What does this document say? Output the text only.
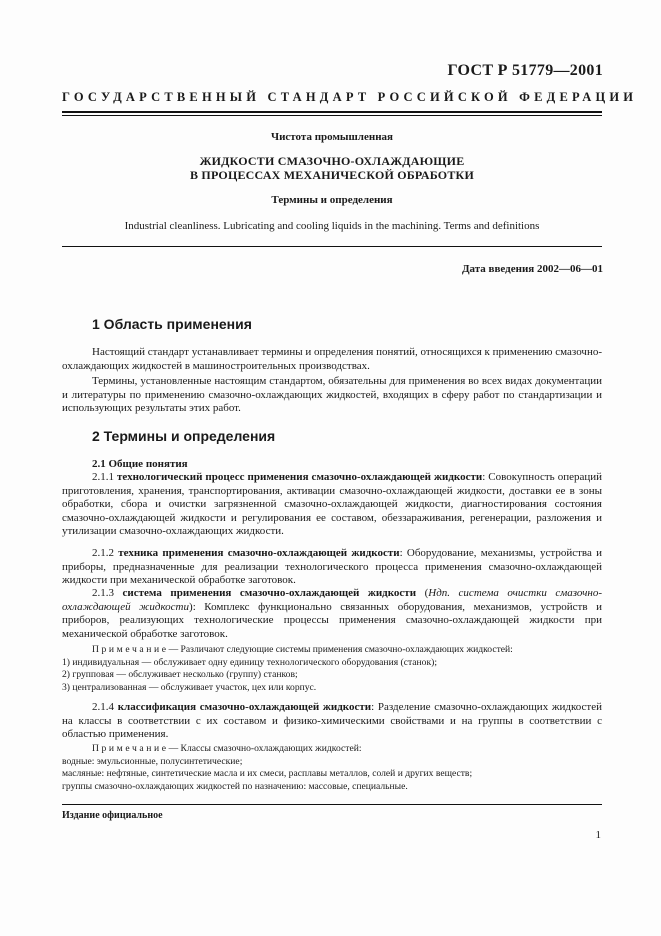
ГОСТ Р 51779—2001
ГОСУДАРСТВЕННЫЙ СТАНДАРТ РОССИЙСКОЙ ФЕДЕРАЦИИ
Чистота промышленная
ЖИДКОСТИ СМАЗОЧНО-ОХЛАЖДАЮЩИЕ
В ПРОЦЕССАХ МЕХАНИЧЕСКОЙ ОБРАБОТКИ
Термины и определения
Industrial cleanliness. Lubricating and cooling liquids in the machining. Terms and definitions
Дата введения 2002—06—01
1 Область применения

Настоящий стандарт устанавливает термины и определения понятий, относящихся к применению смазочно-охлаждающих жидкостей в машиностроительных производствах.

Термины, установленные настоящим стандартом, обязательны для применения во всех видах документации и литературы по применению смазочно-охлаждающих жидкостей, входящих в сферу работ по стандартизации и использующих результаты этих работ.

2 Термины и определения

2.1 Общие понятия

2.1.1 технологический процесс применения смазочно-охлаждающей жидкости: Совокупность операций приготовления, хранения, транспортирования, активации смазочно-охлаждающей жидкости, доставки ее в зоны обработки, сбора и очистки загрязненной смазочно-охлаждающей жидкости, диагностирования состояния смазочно-охлаждающей жидкости и регулирования ее составом, обеззараживания, регенерации, разложения и утилизации смазочно-охлаждающих жидкости.

2.1.2 техника применения смазочно-охлаждающей жидкости: Оборудование, механизмы, устройства и приборы, предназначенные для реализации технологического процесса применения смазочно-охлаждающей жидкости при механической обработке заготовок.

2.1.3 система применения смазочно-охлаждающей жидкости (Ндп. система очистки смазочно-охлаждающей жидкости): Комплекс функционально связанных оборудования, механизмов, устройств и приборов, реализующих технологические процессы применения смазочно-охлаждающей жидкости при механической обработке заготовок.

Примечание— Различают следующие системы применения смазочно-охлаждающих жидкостей:
1) индивидуальная — обслуживает одну единицу технологического оборудования (станок);
2) групповая — обслуживает несколько (группу) станков;
3) централизованная — обслуживает участок, цех или корпус.

2.1.4 классификация смазочно-охлаждающей жидкости: Разделение смазочно-охлаждающих жидкостей на классы в соответствии с их составом и физико-химическими свойствами и на группы в соответствии с областью применения.

Примечание— Классы смазочно-охлаждающих жидкостей:
водные: эмульсионные, полусинтетические;
масляные: нефтяные, синтетические масла и их смеси, расплавы металлов, солей и других веществ;
группы смазочно-охлаждающих жидкостей по назначению: массовые, специальные.
Издание официальное
1
